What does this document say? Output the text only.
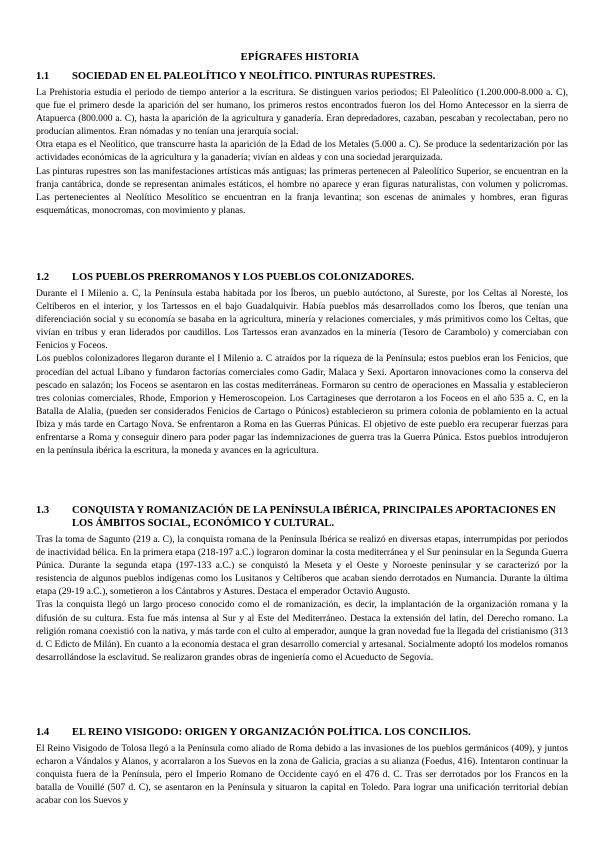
EPÍGRAFES HISTORIA
1.1	SOCIEDAD EN EL PALEOLÍTICO Y NEOLÍTICO. PINTURAS RUPESTRES.

La Prehistoria estudia el periodo de tiempo anterior a la escritura. Se distinguen varios periodos; El Paleolítico (1.200.000-8.000 a. C), que fue el primero desde la aparición del ser humano, los primeros restos encontrados fueron los del Homo Antecessor en la sierra de Atapuerca (800.000 a. C), hasta la aparición de la agricultura y ganadería. Eran depredadores, cazaban, pescaban y recolectaban, pero no producían alimentos. Eran nómadas y no tenían una jerarquía social.

Otra etapa es el Neolítico, que transcurre hasta la aparición de la Edad de los Metales (5.000 a. C). Se produce la sedentarización por las actividades económicas de la agricultura y la ganadería; vivían en aldeas y con una sociedad jerarquizada.

Las pinturas rupestres son las manifestaciones artísticas más antiguas; las primeras pertenecen al Paleolítico Superior, se encuentran en la franja cantábrica, donde se representan animales estáticos, el hombre no aparece y eran figuras naturalistas, con volumen y policromas. Las pertenecientes al Neolítico Mesolítico se encuentran en la franja levantina; son escenas de animales y hombres, eran figuras esquemáticas, monocromas, con movimiento y planas.

1.2	LOS PUEBLOS PRERROMANOS Y LOS PUEBLOS COLONIZADORES.

Durante el I Milenio a. C, la Península estaba habitada por los Íberos, un pueblo autóctono, al Sureste, por los Celtas al Noreste, los Celtíberos en el interior, y los Tartessos en el bajo Guadalquivir. Había pueblos más desarrollados como los Íberos, que tenían una diferenciación social y su economía se basaba en la agricultura, minería y relaciones comerciales, y más primitivos como los Celtas, que vivían en tribus y eran liderados por caudillos. Los Tartessos eran avanzados en la minería (Tesoro de Carambolo) y comerciaban con Fenicios y Foceos.

Los pueblos colonizadores llegaron durante el I Milenio a. C atraídos por la riqueza de la Península; estos pueblos eran los Fenicios, que procedían del actual Líbano y fundaron factorías comerciales como Gadir, Malaca y Sexi. Aportaron innovaciones como la conserva del pescado en salazón; los Foceos se asentaron en las costas mediterráneas. Formaron su centro de operaciones en Massalia y establecieron tres colonias comerciales, Rhode, Emporion y Hemeroscopeion. Los Cartagineses que derrotaron a los Foceos en el año 535 a. C, en la Batalla de Alalia, (pueden ser considerados Fenicios de Cartago o Púnicos) establecieron su primera colonia de poblamiento en la actual Ibiza y más tarde en Cartago Nova. Se enfrentaron a Roma en las Guerras Púnicas. El objetivo de este pueblo era recuperar fuerzas para enfrentarse a Roma y conseguir dinero para poder pagar las indemnizaciones de guerra tras la Guerra Púnica. Estos pueblos introdujeron en la península ibérica la escritura, la moneda y avances en la agricultura.

1.3	CONQUISTA Y ROMANIZACIÓN DE LA PENÍNSULA IBÉRICA, PRINCIPALES APORTACIONES EN LOS ÁMBITOS SOCIAL, ECONÓMICO Y CULTURAL.

Tras la toma de Sagunto (219 a. C), la conquista romana de la Península Ibérica se realizó en diversas etapas, interrumpidas por periodos de inactividad bélica. En la primera etapa (218-197 a.C.) lograron dominar la costa mediterránea y el Sur peninsular en la Segunda Guerra Púnica. Durante la segunda etapa (197-133 a.C.) se conquistó la Meseta y el Oeste y Noroeste peninsular y se caracterizó por la resistencia de algunos pueblos indígenas como los Lusitanos y Celtíberos que acaban siendo derrotados en Numancia. Durante la última etapa (29-19 a.C.), sometieron a los Cántabros y Astures. Destaca el emperador Octavio Augusto.

Tras la conquista llegó un largo proceso conocido como el de romanización, es decir, la implantación de la organización romana y la difusión de su cultura. Esta fue más intensa al Sur y al Este del Mediterráneo. Destaca la extensión del latín, del Derecho romano. La religión romana coexistió con la nativa, y más tarde con el culto al emperador, aunque la gran novedad fue la llegada del cristianismo (313 d. C Edicto de Milán). En cuanto a la economía destaca el gran desarrollo comercial y artesanal. Socialmente adoptó los modelos romanos desarrollándose la esclavitud. Se realizaron grandes obras de ingeniería como el Acueducto de Segovia.

1.4	EL REINO VISIGODO: ORIGEN Y ORGANIZACIÓN POLÍTICA. LOS CONCILIOS.

El Reino Visigodo de Tolosa llegó a la Península como aliado de Roma debido a las invasiones de los pueblos germánicos (409), y juntos echaron a Vándalos y Alanos, y acorralaron a los Suevos en la zona de Galicia, gracias a su alianza (Foedus, 416). Intentaron continuar la conquista fuera de la Península, pero el Imperio Romano de Occidente cayó en el 476 d. C. Tras ser derrotados por los Francos en la batalla de Vouillé (507 d. C), se asentaron en la Península y situaron la capital en Toledo. Para lograr una unificación territorial debían acabar con los Suevos y
